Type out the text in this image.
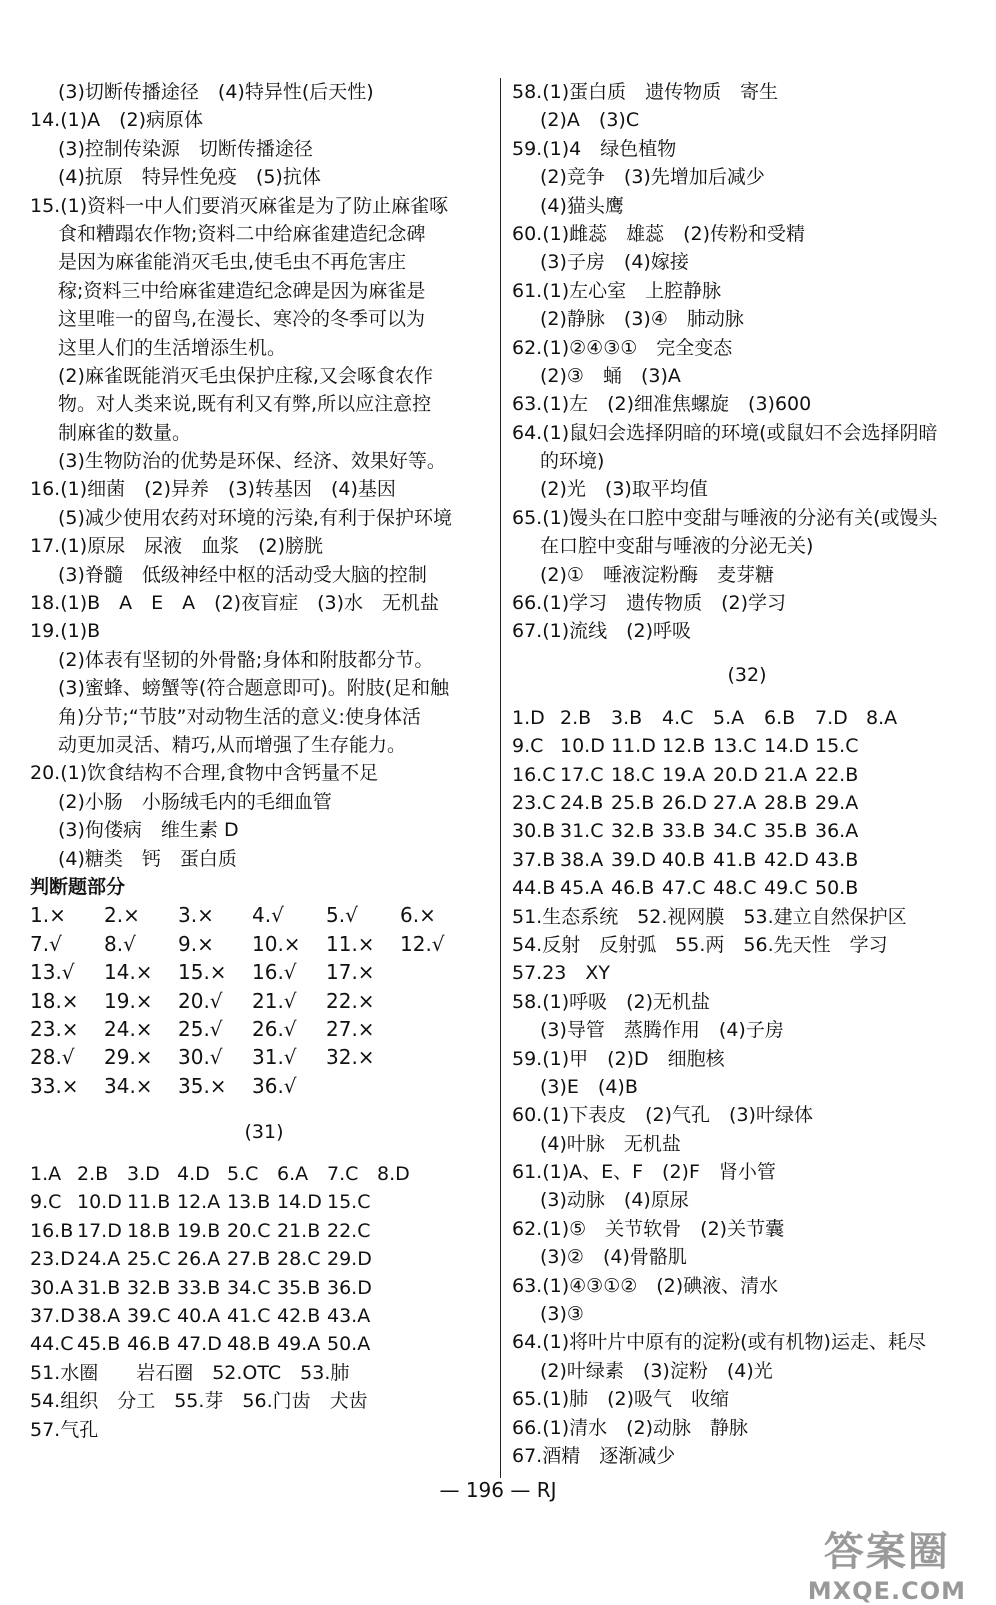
(3)切断传播途径　(4)特异性(后天性)
14.(1)A　(2)病原体
(3)控制传染源　切断传播途径
(4)抗原　特异性免疫　(5)抗体
15.(1)资料一中人们要消灭麻雀是为了防止麻雀啄
食和糟蹋农作物;资料二中给麻雀建造纪念碑
是因为麻雀能消灭毛虫,使毛虫不再危害庄
稼;资料三中给麻雀建造纪念碑是因为麻雀是
这里唯一的留鸟,在漫长、寒冷的冬季可以为
这里人们的生活增添生机。
(2)麻雀既能消灭毛虫保护庄稼,又会啄食农作
物。对人类来说,既有利又有弊,所以应注意控
制麻雀的数量。
(3)生物防治的优势是环保、经济、效果好等。
16.(1)细菌　(2)异养　(3)转基因　(4)基因
(5)减少使用农药对环境的污染,有利于保护环境
17.(1)原尿　尿液　血浆　(2)膀胱
(3)脊髓　低级神经中枢的活动受大脑的控制
18.(1)B　A　E　A　(2)夜盲症　(3)水　无机盐
19.(1)B
(2)体表有坚韧的外骨骼;身体和附肢都分节。
(3)蜜蜂、螃蟹等(符合题意即可)。附肢(足和触
角)分节;“节肢”对动物生活的意义:使身体活
动更加灵活、精巧,从而增强了生存能力。
20.(1)饮食结构不合理,食物中含钙量不足
(2)小肠　小肠绒毛内的毛细血管
(3)佝偻病　维生素 D
(4)糖类　钙　蛋白质
判断题部分
1.×	2.×	3.×	4.√	5.√	6.×
7.√	8.√	9.×	10.×	11.×	12.√
13.√	14.×	15.×	16.√	17.×
18.×	19.×	20.√	21.√	22.×
23.×	24.×	25.√	26.√	27.×
28.√	29.×	30.√	31.√	32.×
33.×	34.×	35.×	36.√
(31)
1.A 2.B 3.D 4.D 5.C 6.A 7.C 8.D
9.C 10.D 11.B 12.A 13.B 14.D 15.C
16.B 17.D 18.B 19.B 20.C 21.B 22.C
23.D 24.A 25.C 26.A 27.B 28.C 29.D
30.A 31.B 32.B 33.B 34.C 35.B 36.D
37.D 38.A 39.C 40.A 41.C 42.B 43.A
44.C 45.B 46.B 47.D 48.B 49.A 50.A
51.水圈　　岩石圈　52.OTC　53.肺
54.组织　分工　55.芽　56.门齿　犬齿
57.气孔
58.(1)蛋白质　遗传物质　寄生
(2)A　(3)C
59.(1)4　绿色植物
(2)竞争　(3)先增加后减少
(4)猫头鹰
60.(1)雌蕊　雄蕊　(2)传粉和受精
(3)子房　(4)嫁接
61.(1)左心室　上腔静脉
(2)静脉　(3)④　肺动脉
62.(1)②④③①　完全变态
(2)③　蛹　(3)A
63.(1)左　(2)细准焦螺旋　(3)600
64.(1)鼠妇会选择阴暗的环境(或鼠妇不会选择阴暗
的环境)
(2)光　(3)取平均值
65.(1)馒头在口腔中变甜与唾液的分泌有关(或馒头
在口腔中变甜与唾液的分泌无关)
(2)①　唾液淀粉酶　麦芽糖
66.(1)学习　遗传物质　(2)学习
67.(1)流线　(2)呼吸
(32)
1.D 2.B	3.B	4.C	5.A	6.B	7.D 8.A
9.C 10.D 11.D 12.B 13.C 14.D 15.C
16.C 17.C 18.C 19.A 20.D 21.A 22.B
23.C 24.B 25.B 26.D 27.A 28.B 29.A
30.B 31.C 32.B 33.B 34.C 35.B 36.A
37.B 38.A 39.D 40.B 41.B 42.D 43.B
44.B 45.A 46.B 47.C 48.C 49.C 50.B
51.生态系统　52.视网膜　53.建立自然保护区
54.反射　反射弧　55.两　56.先天性　学习
57.23　XY
58.(1)呼吸　(2)无机盐
(3)导管　蒸腾作用　(4)子房
59.(1)甲　(2)D　细胞核
(3)E　(4)B
60.(1)下表皮　(2)气孔　(3)叶绿体
(4)叶脉　无机盐
61.(1)A、E、F　(2)F　肾小管
(3)动脉　(4)原尿
62.(1)⑤　关节软骨　(2)关节囊
(3)②　(4)骨骼肌
63.(1)④③①②　(2)碘液、清水
(3)③
64.(1)将叶片中原有的淀粉(或有机物)运走、耗尽
(2)叶绿素　(3)淀粉　(4)光
65.(1)肺　(2)吸气　收缩
66.(1)清水　(2)动脉　静脉
67.酒精　逐渐减少
— 196 — RJ
答案圈
MXQE.COM
